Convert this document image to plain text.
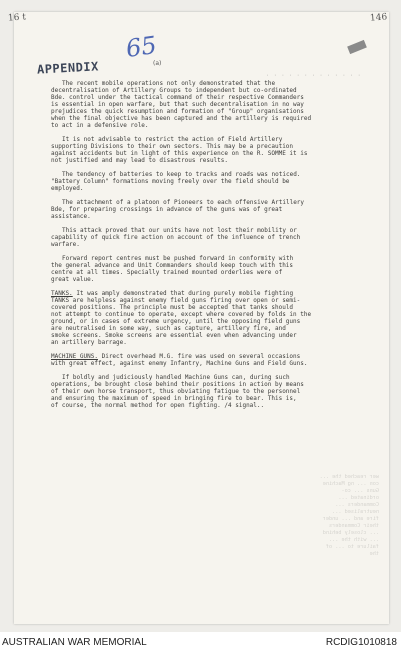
wer reached the ... con ... ng Machine Guns ... co-ordinated ... Commanders ... neutralised ... fire and ... under their Commanders ... closely behind ... with the ... failure to ... of the
16 t	146
APPENDIX
65
(a)
· · · · · · · · · · · · ·
The recent mobile operations not only demonstrated that the
decentralisation of Artillery Groups to independent but co-ordinated
Bde. control under the tactical command of their respective Commanders
is essential in open warfare, but that such decentralisation in no way
prejudices the quick resumption and formation of "Group" organisations
when the final objective has been captured and the artillery is required
to act in a defensive role.
It is not advisable to restrict the action of Field Artillery
supporting Divisions to their own sectors. This may be a precaution
against accidents but in light of this experience on the R. SOMME it is
not justified and may lead to disastrous results.
The tendency of batteries to keep to tracks and roads was noticed.
"Battery Column" formations moving freely over the field should be
employed.
The attachment of a platoon of Pioneers to each offensive Artillery
Bde, for preparing crossings in advance of the guns was of great
assistance.
This attack proved that our units have not lost their mobility or
capability of quick fire action on account of the influence of trench
warfare.
Forward report centres must be pushed forward in conformity with
the general advance and Unit Commanders should keep touch with this
centre at all times. Specially trained mounted orderlies were of
great value.
TANKS. It was amply demonstrated that during purely mobile fighting
TANKS are helpless against enemy field guns firing over open or semi-
covered positions. The principle must be accepted that tanks should
not attempt to continue to operate, except where covered by folds in the
ground, or in cases of extreme urgency, until the opposing field guns
are neutralised in some way, such as capture, artillery fire, and
smoke screens. Smoke screens are essential even when advancing under
an artillery barrage.
MACHINE GUNS. Direct overhead M.G. fire was used on several occasions
with great effect, against enemy Infantry, Machine Guns and Field Guns.
If boldly and judiciously handled Machine Guns can, during such
operations, be brought close behind their positions in action by means
of their own horse transport, thus obviating fatigue to the personnel
and ensuring the maximum of speed in bringing fire to bear. This is,
of course, the normal method for open fighting. /4 signal..
AUSTRALIAN WAR MEMORIAL	RCDIG1010818
